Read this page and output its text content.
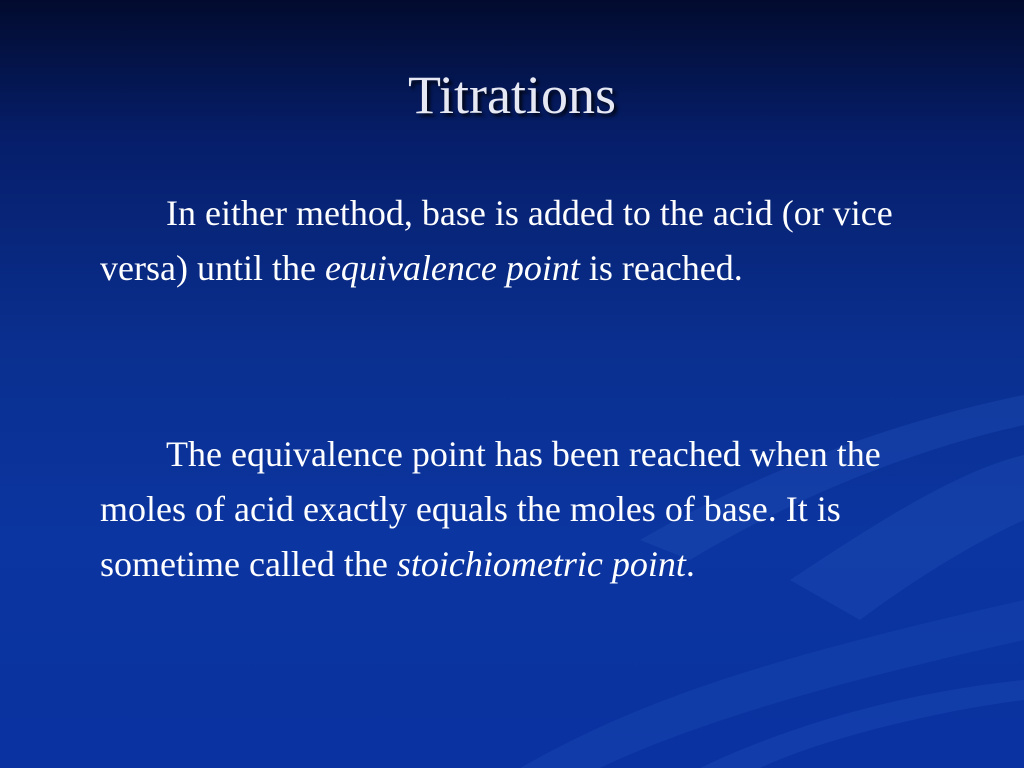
Titrations

In either method, base is added to the acid (or vice versa) until the equivalence point is reached.

The equivalence point has been reached when the moles of acid exactly equals the moles of base. It is sometime called the stoichiometric point.
